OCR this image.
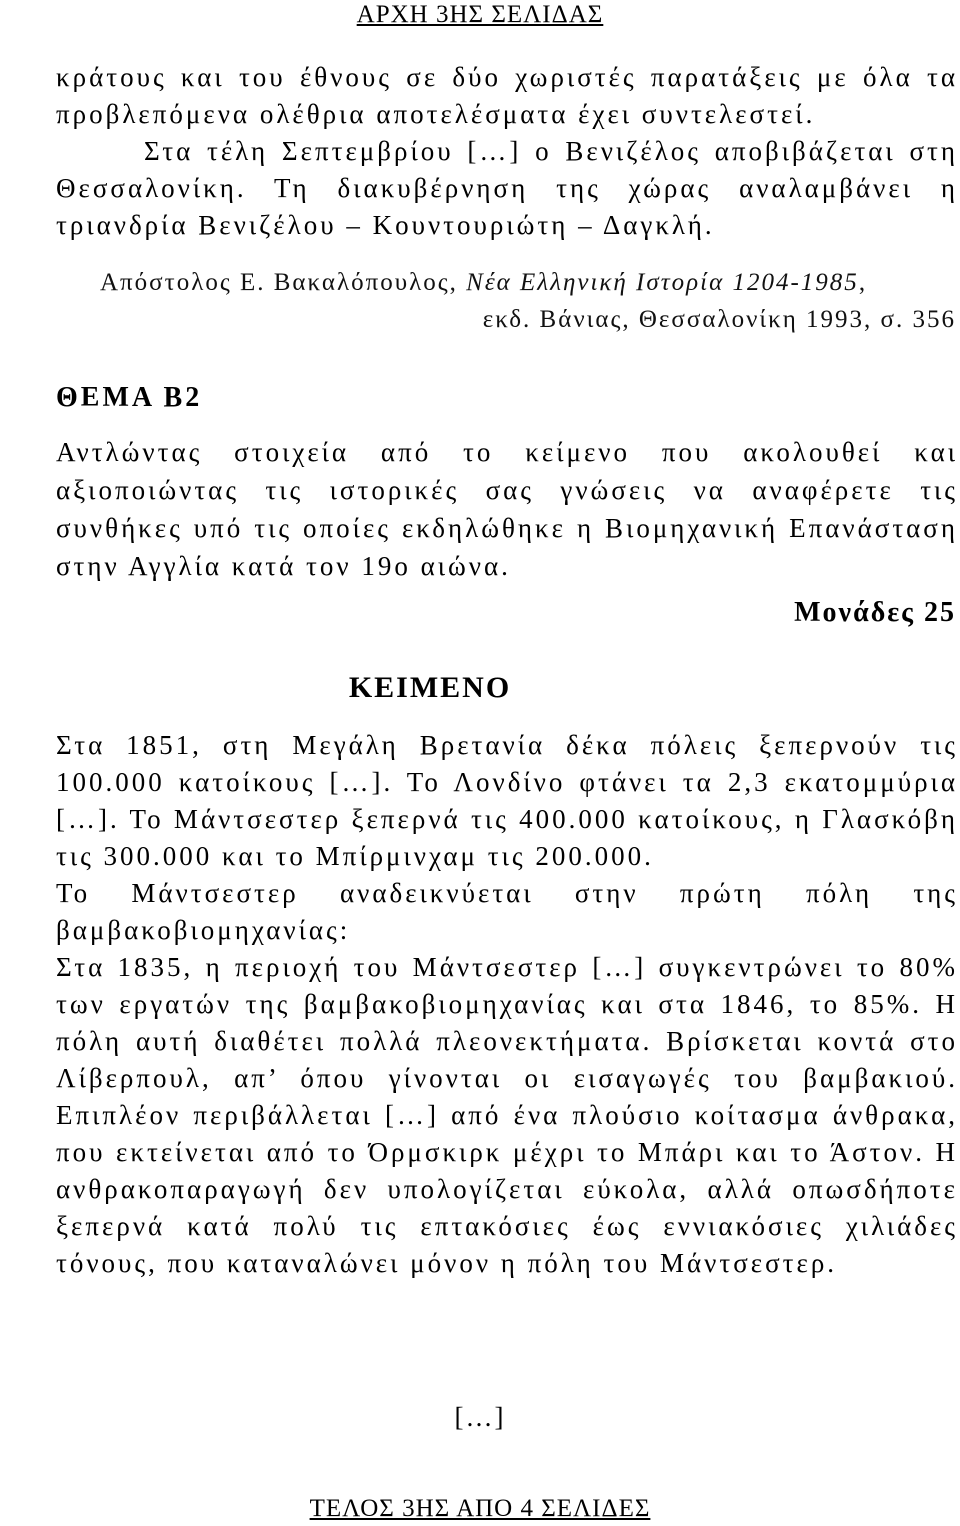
ΑΡΧΗ 3ΗΣ ΣΕΛΙΔΑΣ

κράτους και του έθνους σε δύο χωριστές παρατάξεις με όλα τα προβλεπόμενα ολέθρια αποτελέσματα έχει συντελεστεί.

Στα τέλη Σεπτεμβρίου […] ο Βενιζέλος αποβιβάζεται στη Θεσσαλονίκη. Τη διακυβέρνηση της χώρας αναλαμβάνει η τριανδρία Βενιζέλου – Κουντουριώτη – Δαγκλή.

Απόστολος Ε. Βακαλόπουλος, Νέα Ελληνική Ιστορία 1204-1985,
εκδ. Βάνιας, Θεσσαλονίκη 1993, σ. 356
ΘΕΜΑ Β2

Αντλώντας στοιχεία από το κείμενο που ακολουθεί και αξιοποιώντας τις ιστορικές σας γνώσεις να αναφέρετε τις συνθήκες υπό τις οποίες εκδηλώθηκε η Βιομηχανική Επανάσταση στην Αγγλία κατά τον 19ο αιώνα.

Μονάδες 25
ΚΕΙΜΕΝΟ

Στα 1851, στη Μεγάλη Βρετανία δέκα πόλεις ξεπερνούν τις 100.000 κατοίκους […]. Το Λονδίνο φτάνει τα 2,3 εκατομμύρια […]. Το Μάντσεστερ ξεπερνά τις 400.000 κατοίκους, η Γλασκόβη τις 300.000 και το Μπίρμινχαμ τις 200.000.

Το Μάντσεστερ αναδεικνύεται στην πρώτη πόλη της βαμβακοβιομηχανίας:

Στα 1835, η περιοχή του Μάντσεστερ […] συγκεντρώνει το 80% των εργατών της βαμβακοβιομηχανίας και στα 1846, το 85%. Η πόλη αυτή διαθέτει πολλά πλεονεκτήματα. Βρίσκεται κοντά στο Λίβερπουλ, απ’ όπου γίνονται οι εισαγωγές του βαμβακιού. Επιπλέον περιβάλλεται […] από ένα πλούσιο κοίτασμα άνθρακα, που εκτείνεται από το Όρμσκιρκ μέχρι το Μπάρι και το Άστον. Η ανθρακοπαραγωγή δεν υπολογίζεται εύκολα, αλλά οπωσδήποτε ξεπερνά κατά πολύ τις επτακόσιες έως εννιακόσιες χιλιάδες τόνους, που καταναλώνει μόνον η πόλη του Μάντσεστερ.

[…]
ΤΕΛΟΣ 3ΗΣ ΑΠΟ 4 ΣΕΛΙΔΕΣ
